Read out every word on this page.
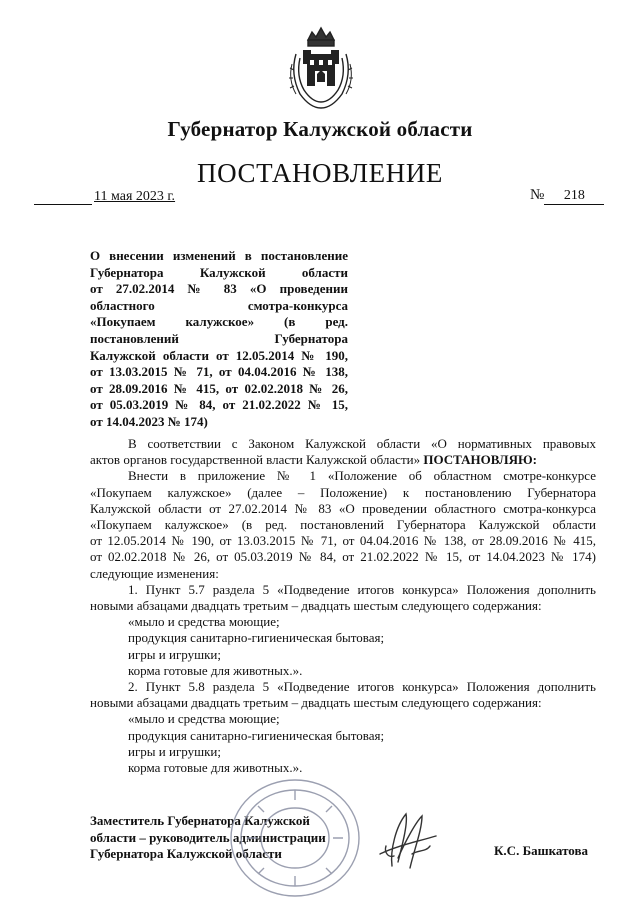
Губернатор Калужской области
ПОСТАНОВЛЕНИЕ
11 мая 2023 г.	№ 218
О внесении изменений в постановление
Губернатора Калужской области
от 27.02.2014 № 83 «О проведении
областного смотра-конкурса
«Покупаем калужское» (в ред.
постановлений Губернатора
Калужской области от 12.05.2014 № 190,
от 13.03.2015 № 71, от 04.04.2016 № 138,
от 28.09.2016 № 415, от 02.02.2018 № 26,
от 05.03.2019 № 84, от 21.02.2022 № 15,
от 14.04.2023 № 174)
В соответствии с Законом Калужской области «О нормативных правовых
актов органов государственной власти Калужской области» ПОСТАНОВЛЯЮ:
Внести в приложение № 1 «Положение об областном смотре-конкурсе
«Покупаем калужское» (далее – Положение) к постановлению Губернатора
Калужской области от 27.02.2014 № 83 «О проведении областного смотра-конкурса
«Покупаем калужское» (в ред. постановлений Губернатора Калужской области
от 12.05.2014 № 190, от 13.03.2015 № 71, от 04.04.2016 № 138, от 28.09.2016 № 415,
от 02.02.2018 № 26, от 05.03.2019 № 84, от 21.02.2022 № 15, от 14.04.2023 № 174)
следующие изменения:
1. Пункт 5.7 раздела 5 «Подведение итогов конкурса» Положения дополнить
новыми абзацами двадцать третьим – двадцать шестым следующего содержания:
«мыло и средства моющие;
продукция санитарно-гигиеническая бытовая;
игры и игрушки;
корма готовые для животных.».
2. Пункт 5.8 раздела 5 «Подведение итогов конкурса» Положения дополнить
новыми абзацами двадцать третьим – двадцать шестым следующего содержания:
«мыло и средства моющие;
продукция санитарно-гигиеническая бытовая;
игры и игрушки;
корма готовые для животных.».
Заместитель Губернатора Калужской
области – руководитель администрации
Губернатора Калужской области	К.С. Башкатова
